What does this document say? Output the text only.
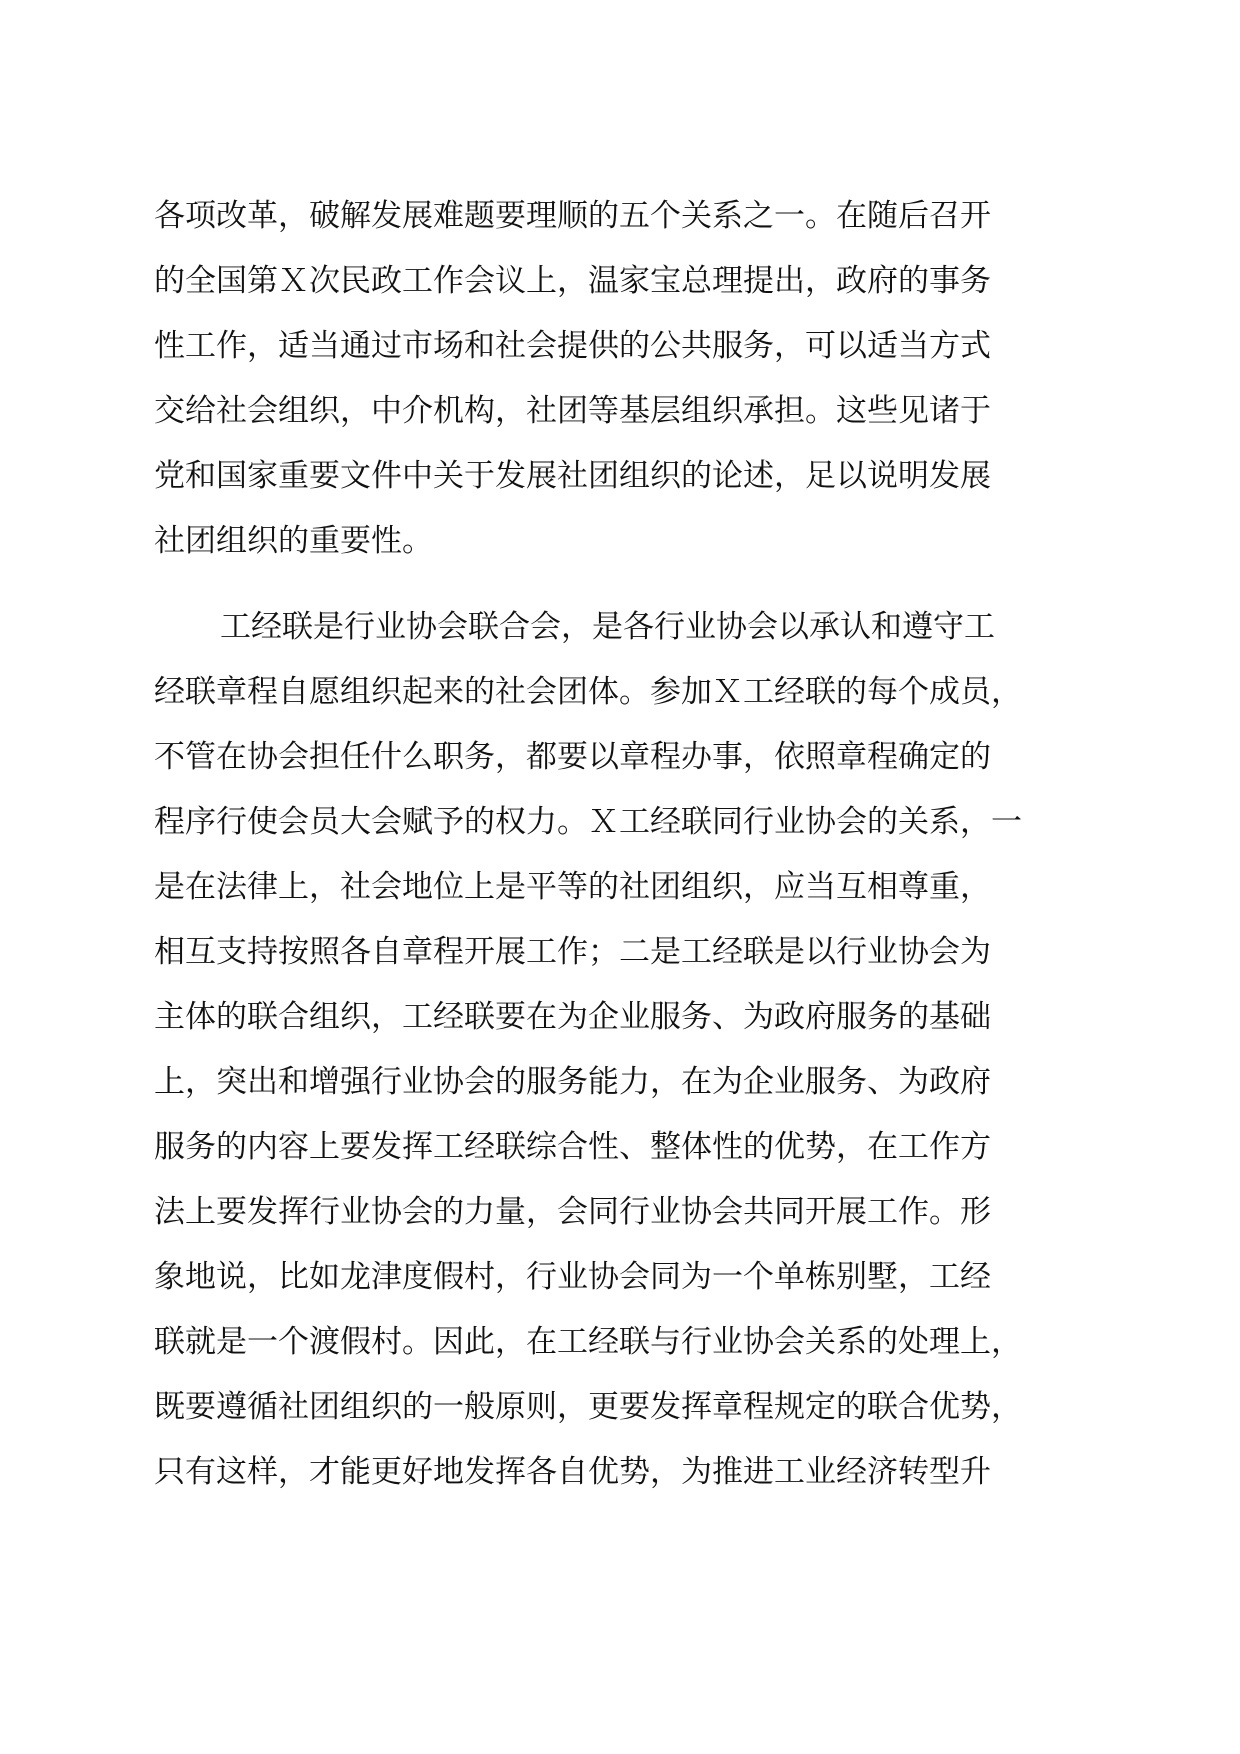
各项改革，破解发展难题要理顺的五个关系之一。在随后召开
的全国第Ｘ次民政工作会议上，温家宝总理提出，政府的事务
性工作，适当通过市场和社会提供的公共服务，可以适当方式
交给社会组织，中介机构，社团等基层组织承担。这些见诸于
党和国家重要文件中关于发展社团组织的论述，足以说明发展
社团组织的重要性。
工经联是行业协会联合会，是各行业协会以承认和遵守工
经联章程自愿组织起来的社会团体。参加Ｘ工经联的每个成员，
不管在协会担任什么职务，都要以章程办事，依照章程确定的
程序行使会员大会赋予的权力。Ｘ工经联同行业协会的关系，一
是在法律上，社会地位上是平等的社团组织，应当互相尊重，
相互支持按照各自章程开展工作；二是工经联是以行业协会为
主体的联合组织，工经联要在为企业服务、为政府服务的基础
上，突出和增强行业协会的服务能力，在为企业服务、为政府
服务的内容上要发挥工经联综合性、整体性的优势，在工作方
法上要发挥行业协会的力量，会同行业协会共同开展工作。形
象地说，比如龙津度假村，行业协会同为一个单栋别墅，工经
联就是一个渡假村。因此，在工经联与行业协会关系的处理上，
既要遵循社团组织的一般原则，更要发挥章程规定的联合优势，
只有这样，才能更好地发挥各自优势，为推进工业经济转型升
